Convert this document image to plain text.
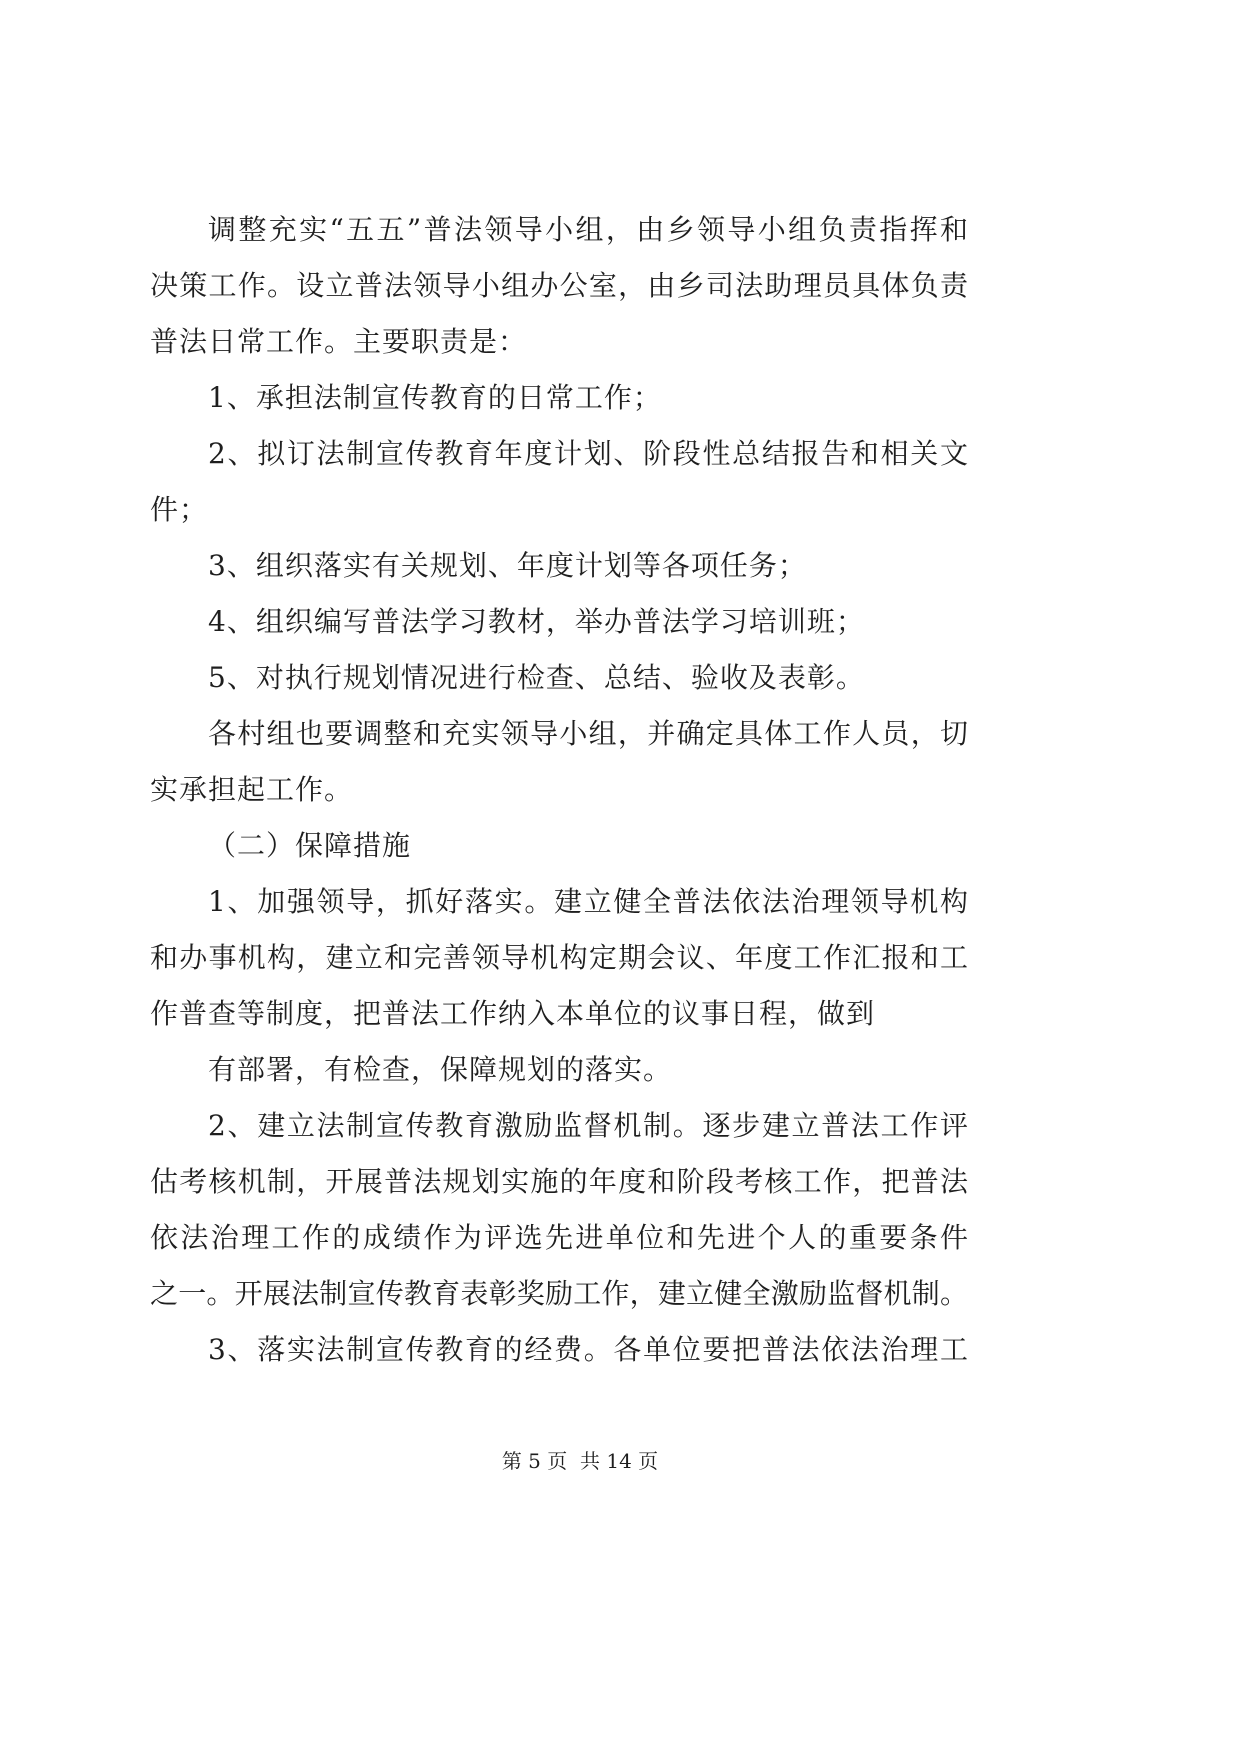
调整充实“五五”普法领导小组，由乡领导小组负责指挥和
决策工作。设立普法领导小组办公室，由乡司法助理员具体负责
普法日常工作。主要职责是：
1、承担法制宣传教育的日常工作；
2、拟订法制宣传教育年度计划、阶段性总结报告和相关文
件；
3、组织落实有关规划、年度计划等各项任务；
4、组织编写普法学习教材，举办普法学习培训班；
5、对执行规划情况进行检查、总结、验收及表彰。
各村组也要调整和充实领导小组，并确定具体工作人员，切
实承担起工作。
（二）保障措施
1、加强领导，抓好落实。建立健全普法依法治理领导机构
和办事机构，建立和完善领导机构定期会议、年度工作汇报和工
作普查等制度，把普法工作纳入本单位的议事日程，做到
有部署，有检查，保障规划的落实。
2、建立法制宣传教育激励监督机制。逐步建立普法工作评
估考核机制，开展普法规划实施的年度和阶段考核工作，把普法
依法治理工作的成绩作为评选先进单位和先进个人的重要条件
之一。开展法制宣传教育表彰奖励工作，建立健全激励监督机制。
3、落实法制宣传教育的经费。各单位要把普法依法治理工
第 5 页  共 14 页
